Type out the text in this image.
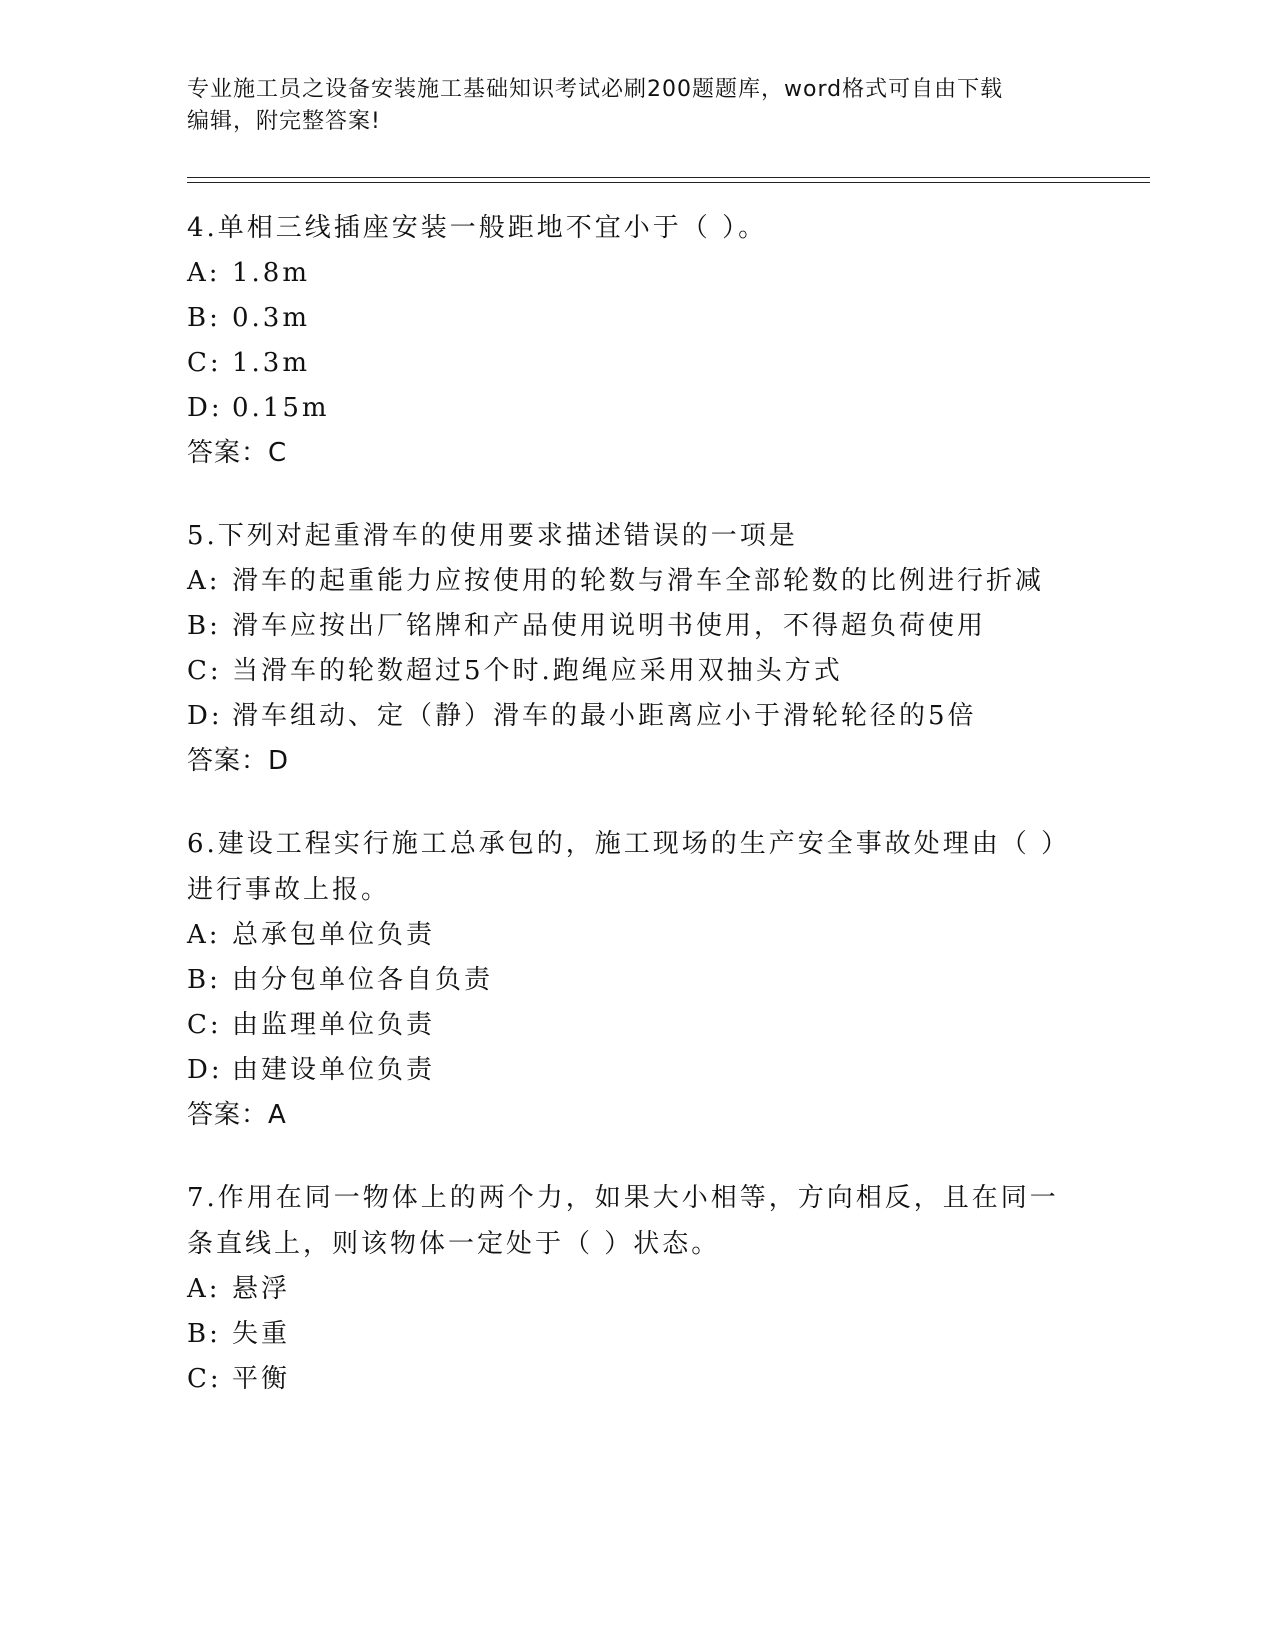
专业施工员之设备安装施工基础知识考试必刷200题题库，word格式可自由下载
编辑，附完整答案!
4.单相三线插座安装一般距地不宜小于（ ）。
A: 1.8m
B: 0.3m
C: 1.3m
D: 0.15m
答案：C
5.下列对起重滑车的使用要求描述错误的一项是
A: 滑车的起重能力应按使用的轮数与滑车全部轮数的比例进行折减
B: 滑车应按出厂铭牌和产品使用说明书使用，不得超负荷使用
C: 当滑车的轮数超过5个时.跑绳应采用双抽头方式
D: 滑车组动、定（静）滑车的最小距离应小于滑轮轮径的5倍
答案：D
6.建设工程实行施工总承包的，施工现场的生产安全事故处理由（ ）
进行事故上报。
A: 总承包单位负责
B: 由分包单位各自负责
C: 由监理单位负责
D: 由建设单位负责
答案：A
7.作用在同一物体上的两个力，如果大小相等，方向相反，且在同一
条直线上，则该物体一定处于（ ）状态。
A: 悬浮
B: 失重
C: 平衡
